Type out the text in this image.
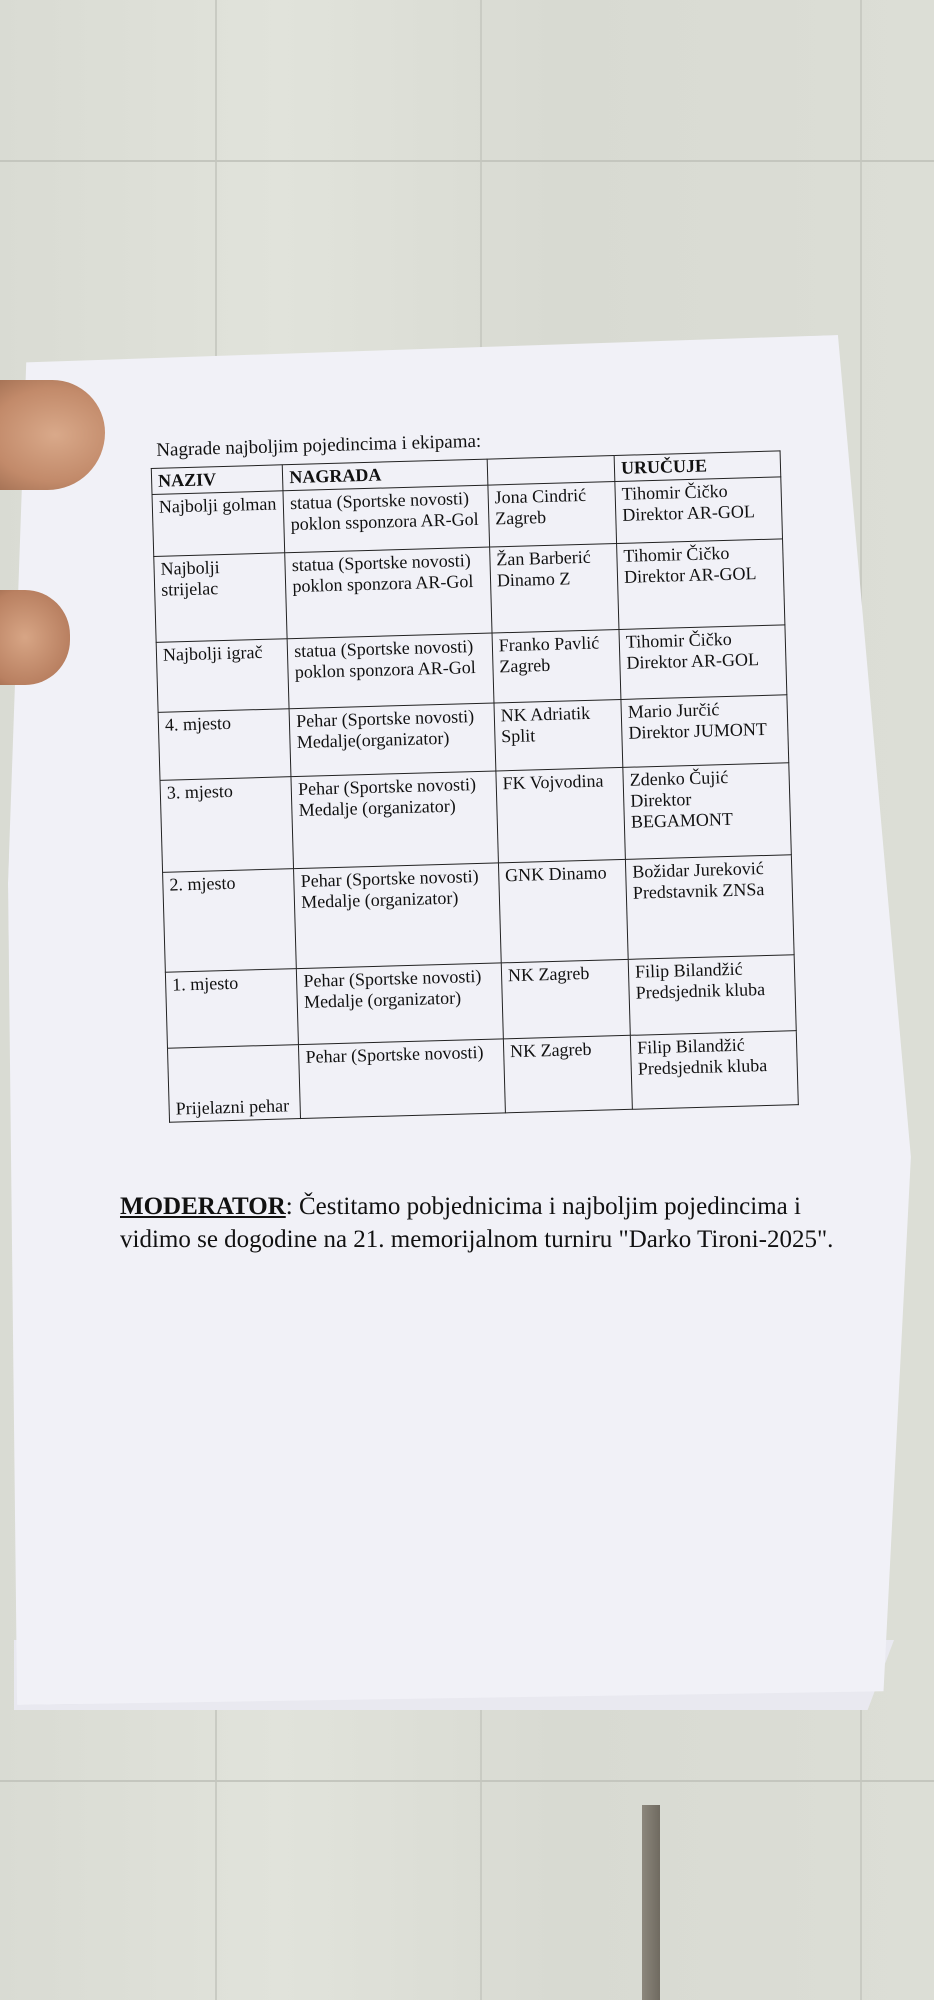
Nagrade najboljim pojedincima i ekipama:
NAZIV	NAGRADA		URUČUJE
Najbolji golman	statua (Sportske novosti) poklon ssponzora AR-Gol	Jona Cindrić Zagreb	Tihomir Čičko Direktor AR-GOL
Najbolji strijelac	statua (Sportske novosti) poklon sponzora AR-Gol	Žan Barberić Dinamo Z	Tihomir Čičko Direktor AR-GOL
Najbolji igrač	statua (Sportske novosti) poklon sponzora AR-Gol	Franko Pavlić Zagreb	Tihomir Čičko Direktor AR-GOL
4. mjesto	Pehar (Sportske novosti) Medalje(organizator)	NK Adriatik Split	Mario Jurčić Direktor JUMONT
3. mjesto	Pehar (Sportske novosti) Medalje (organizator)	FK Vojvodina	Zdenko Čujić Direktor BEGAMONT
2. mjesto	Pehar (Sportske novosti) Medalje (organizator)	GNK Dinamo	Božidar Jureković Predstavnik ZNSa
1. mjesto	Pehar (Sportske novosti) Medalje (organizator)	NK Zagreb	Filip Bilandžić Predsjednik kluba
Prijelazni pehar	Pehar (Sportske novosti)	NK Zagreb	Filip Bilandžić Predsjednik kluba
MODERATOR: Čestitamo pobjednicima i najboljim pojedincima i vidimo se dogodine na 21. memorijalnom turniru "Darko Tironi-2025".
